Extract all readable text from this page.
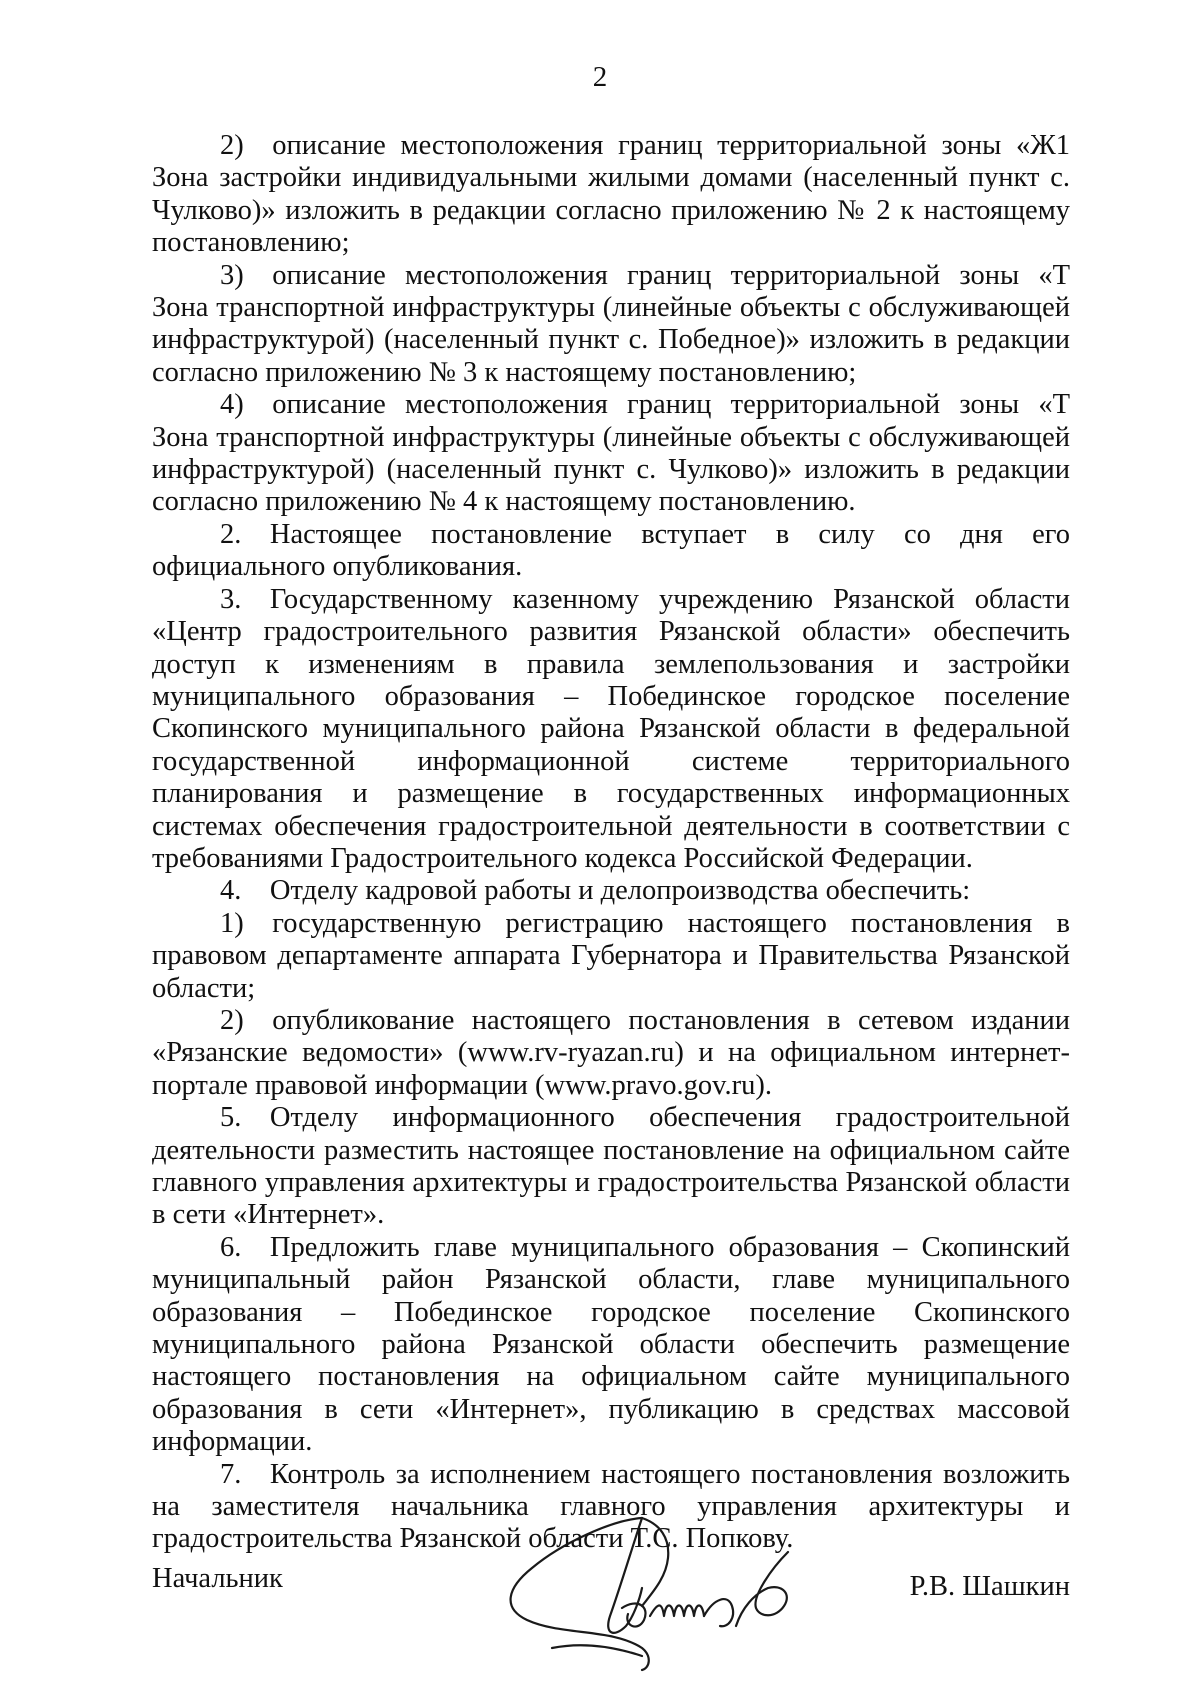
2

2) описание местоположения границ территориальной зоны «Ж1 Зона застройки индивидуальными жилыми домами (населенный пункт с. Чулково)» изложить в редакции согласно приложению № 2 к настоящему постановлению;

3) описание местоположения границ территориальной зоны «Т Зона транспортной инфраструктуры (линейные объекты с обслуживающей инфраструктурой) (населенный пункт с. Победное)» изложить в редакции согласно приложению № 3 к настоящему постановлению;

4) описание местоположения границ территориальной зоны «Т Зона транспортной инфраструктуры (линейные объекты с обслуживающей инфраструктурой) (населенный пункт с. Чулково)» изложить в редакции согласно приложению № 4 к настоящему постановлению.

2. Настоящее постановление вступает в силу со дня его официального опубликования.

3. Государственному казенному учреждению Рязанской области «Центр градостроительного развития Рязанской области» обеспечить доступ к изменениям в правила землепользования и застройки муниципального образования – Побединское городское поселение Скопинского муниципального района Рязанской области в федеральной государственной информационной системе территориального планирования и размещение в государственных информационных системах обеспечения градостроительной деятельности в соответствии с требованиями Градостроительного кодекса Российской Федерации.

4. Отделу кадровой работы и делопроизводства обеспечить:

1) государственную регистрацию настоящего постановления в правовом департаменте аппарата Губернатора и Правительства Рязанской области;

2) опубликование настоящего постановления в сетевом издании «Рязанские ведомости» (www.rv-ryazan.ru) и на официальном интернет-портале правовой информации (www.pravo.gov.ru).

5. Отделу информационного обеспечения градостроительной деятельности разместить настоящее постановление на официальном сайте главного управления архитектуры и градостроительства Рязанской области в сети «Интернет».

6. Предложить главе муниципального образования – Скопинский муниципальный район Рязанской области, главе муниципального образования – Побединское городское поселение Скопинского муниципального района Рязанской области обеспечить размещение настоящего постановления на официальном сайте муниципального образования в сети «Интернет», публикацию в средствах массовой информации.

7. Контроль за исполнением настоящего постановления возложить на заместителя начальника главного управления архитектуры и градостроительства Рязанской области Т.С. Попкову.

Начальник	Р.В. Шашкин
